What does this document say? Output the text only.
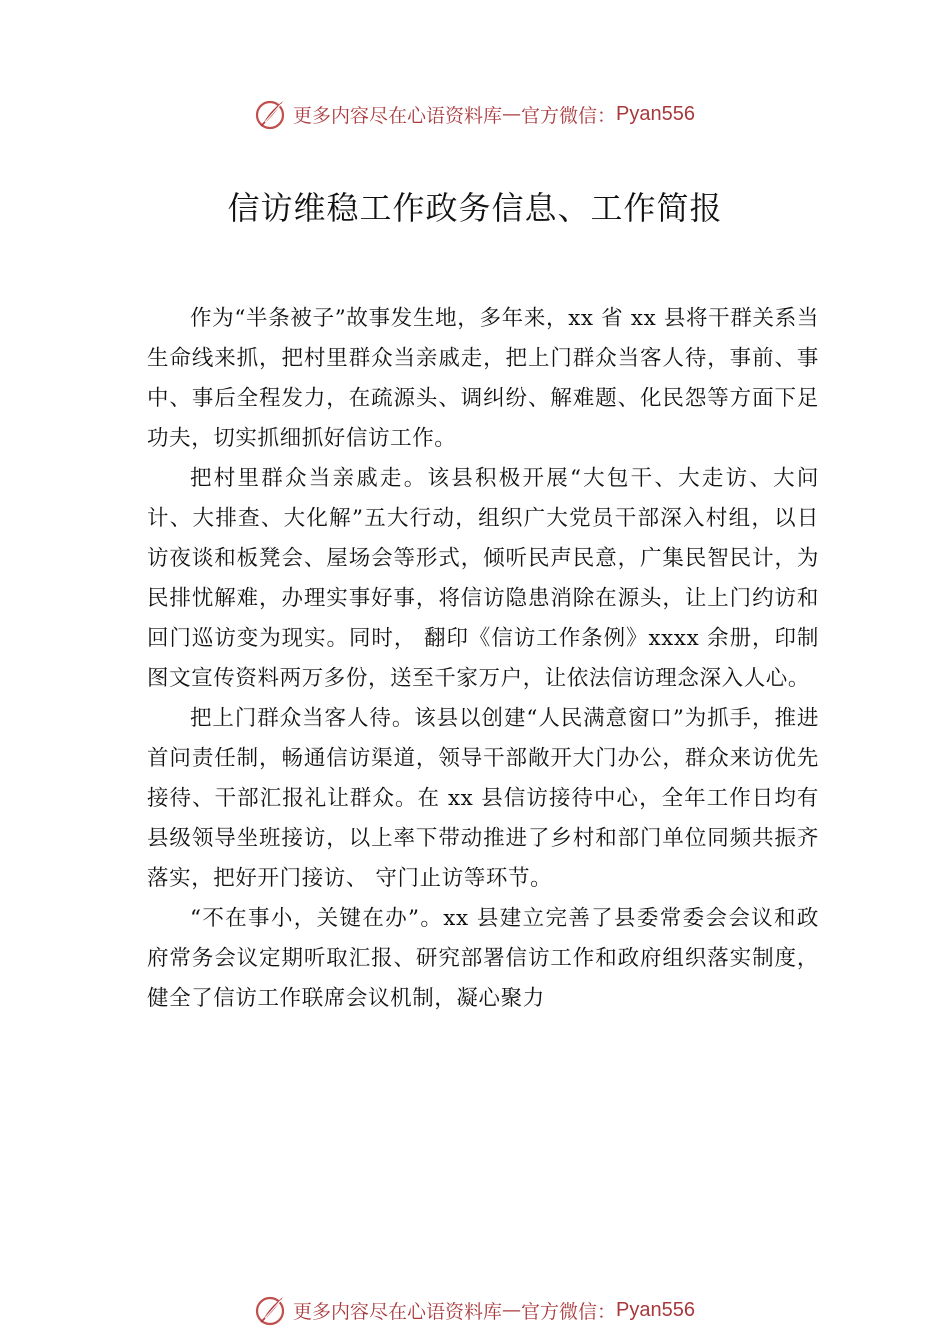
更多内容尽在心语资料库 — 官方微信： Pyan556
信访维稳工作政务信息、工作简报

作为“半条被子”故事发生地，多年来，xx 省 xx 县将干群关系当生命线来抓，把村里群众当亲戚走，把上门群众当客人待，事前、事中、事后全程发力，在疏源头、调纠纷、解难题、化民怨等方面下足功夫，切实抓细抓好信访工作。

把村里群众当亲戚走。该县积极开展“大包干、大走访、大问计、大排查、大化解”五大行动，组织广大党员干部深入村组，以日访夜谈和板凳会、屋场会等形式，倾听民声民意，广集民智民计，为民排忧解难，办理实事好事，将信访隐患消除在源头，让上门约访和回门巡访变为现实。同时， 翻印《信访工作条例》xxxx 余册，印制图文宣传资料两万多份，送至千家万户，让依法信访理念深入人心。

把上门群众当客人待。该县以创建“人民满意窗口”为抓手，推进首问责任制，畅通信访渠道，领导干部敞开大门办公，群众来访优先接待、干部汇报礼让群众。在 xx 县信访接待中心，全年工作日均有县级领导坐班接访，以上率下带动推进了乡村和部门单位同频共振齐落实，把好开门接访、 守门止访等环节。

“不在事小，关键在办”。xx 县建立完善了县委常委会会议和政府常务会议定期听取汇报、研究部署信访工作和政府组织落实制度，健全了信访工作联席会议机制，凝心聚力

更多内容尽在心语资料库 — 官方微信： Pyan556
